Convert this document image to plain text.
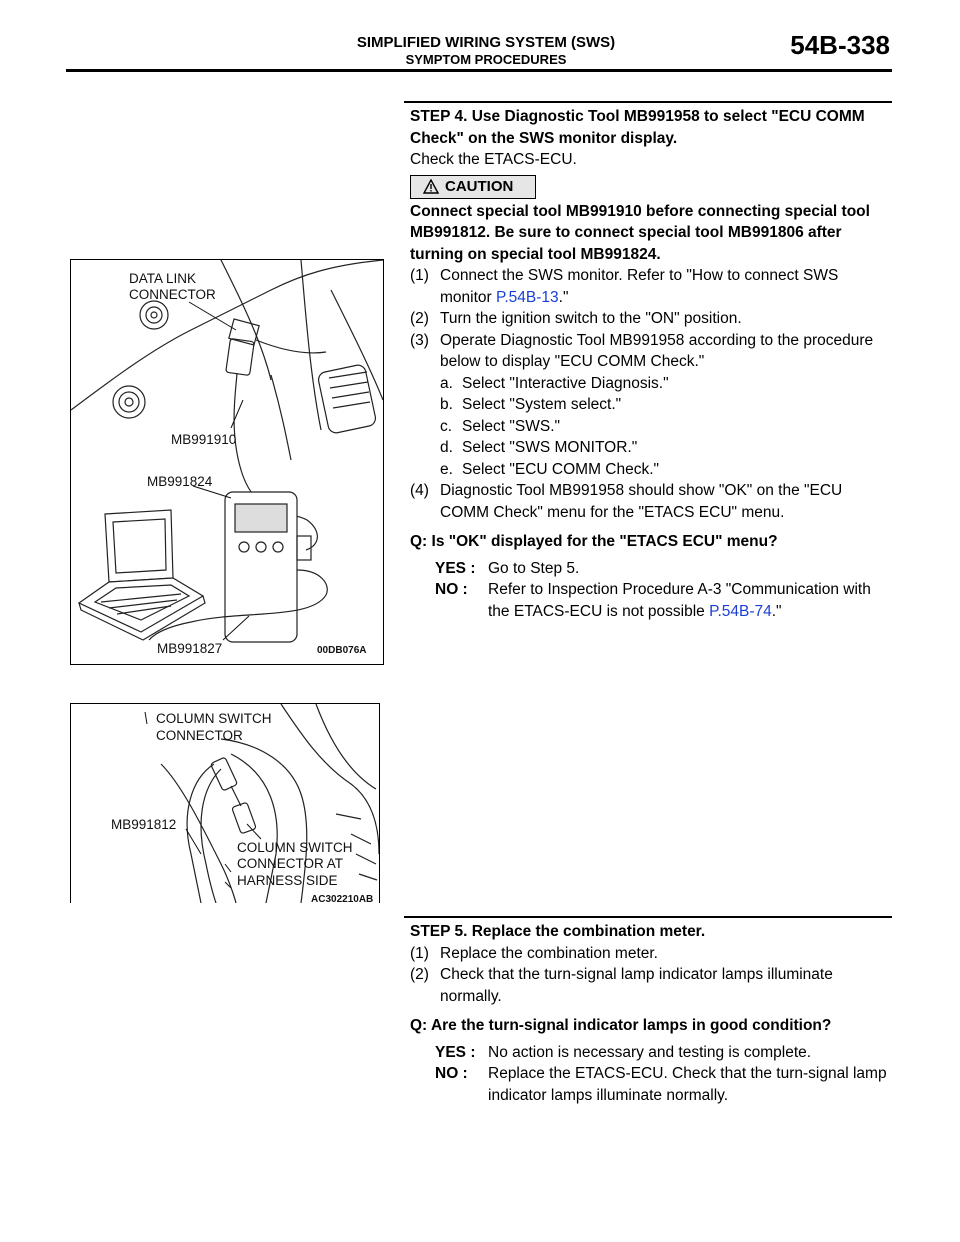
SIMPLIFIED WIRING SYSTEM (SWS)
SYMPTOM PROCEDURES	54B-338
STEP 4. Use Diagnostic Tool MB991958 to select "ECU COMM Check" on the SWS monitor display.
Check the ETACS-ECU.
CAUTION
Connect special tool MB991910 before connecting special tool MB991812. Be sure to connect special tool MB991806 after turning on special tool MB991824.
(1) Connect the SWS monitor. Refer to "How to connect SWS monitor P.54B-13."
(2) Turn the ignition switch to the "ON" position.
(3) Operate Diagnostic Tool MB991958 according to the procedure below to display "ECU COMM Check."
a. Select "Interactive Diagnosis."
b. Select "System select."
c. Select "SWS."
d. Select "SWS MONITOR."
e. Select "ECU COMM Check."
(4) Diagnostic Tool MB991958 should show "OK" on the "ECU COMM Check" menu for the "ETACS ECU" menu.
Q: Is "OK" displayed for the "ETACS ECU" menu?
YES : Go to Step 5.
NO : Refer to Inspection Procedure A-3 "Communication with the ETACS-ECU is not possible P.54B-74."
DATA LINK
CONNECTOR
MB991910
MB991824
MB991827	00DB076A
COLUMN SWITCH
CONNECTOR
MB991812
COLUMN SWITCH
CONNECTOR AT
HARNESS SIDE
AC302210AB
STEP 5. Replace the combination meter.
(1) Replace the combination meter.
(2) Check that the turn-signal lamp indicator lamps illuminate normally.
Q: Are the turn-signal indicator lamps in good condition?
YES : No action is necessary and testing is complete.
NO : Replace the ETACS-ECU. Check that the turn-signal lamp indicator lamps illuminate normally.
